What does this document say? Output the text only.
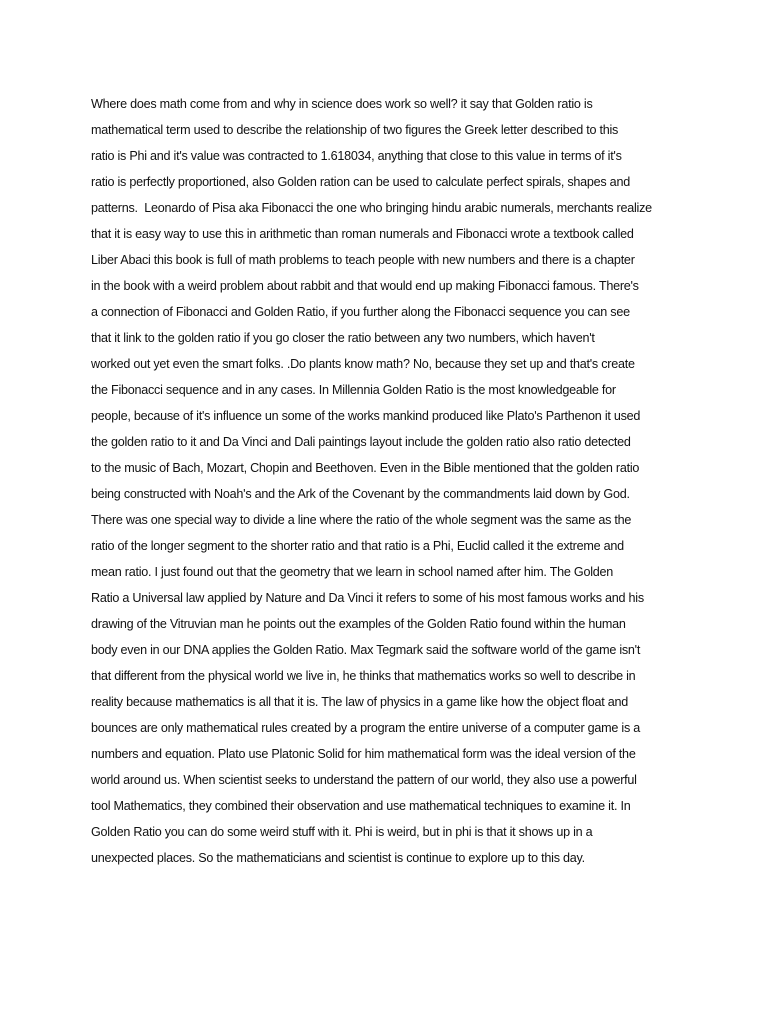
Where does math come from and why in science does work so well? it say that Golden ratio is
mathematical term used to describe the relationship of two figures the Greek letter described to this
ratio is Phi and it's value was contracted to 1.618034, anything that close to this value in terms of it's
ratio is perfectly proportioned, also Golden ration can be used to calculate perfect spirals, shapes and
patterns.  Leonardo of Pisa aka Fibonacci the one who bringing hindu arabic numerals, merchants realize
that it is easy way to use this in arithmetic than roman numerals and Fibonacci wrote a textbook called
Liber Abaci this book is full of math problems to teach people with new numbers and there is a chapter
in the book with a weird problem about rabbit and that would end up making Fibonacci famous. There's
a connection of Fibonacci and Golden Ratio, if you further along the Fibonacci sequence you can see
that it link to the golden ratio if you go closer the ratio between any two numbers, which haven't
worked out yet even the smart folks. .Do plants know math? No, because they set up and that's create
the Fibonacci sequence and in any cases. In Millennia Golden Ratio is the most knowledgeable for
people, because of it's influence un some of the works mankind produced like Plato's Parthenon it used
the golden ratio to it and Da Vinci and Dali paintings layout include the golden ratio also ratio detected
to the music of Bach, Mozart, Chopin and Beethoven. Even in the Bible mentioned that the golden ratio
being constructed with Noah's and the Ark of the Covenant by the commandments laid down by God.
There was one special way to divide a line where the ratio of the whole segment was the same as the
ratio of the longer segment to the shorter ratio and that ratio is a Phi, Euclid called it the extreme and
mean ratio. I just found out that the geometry that we learn in school named after him. The Golden
Ratio a Universal law applied by Nature and Da Vinci it refers to some of his most famous works and his
drawing of the Vitruvian man he points out the examples of the Golden Ratio found within the human
body even in our DNA applies the Golden Ratio. Max Tegmark said the software world of the game isn't
that different from the physical world we live in, he thinks that mathematics works so well to describe in
reality because mathematics is all that it is. The law of physics in a game like how the object float and
bounces are only mathematical rules created by a program the entire universe of a computer game is a
numbers and equation. Plato use Platonic Solid for him mathematical form was the ideal version of the
world around us. When scientist seeks to understand the pattern of our world, they also use a powerful
tool Mathematics, they combined their observation and use mathematical techniques to examine it. In
Golden Ratio you can do some weird stuff with it. Phi is weird, but in phi is that it shows up in a
unexpected places. So the mathematicians and scientist is continue to explore up to this day.
